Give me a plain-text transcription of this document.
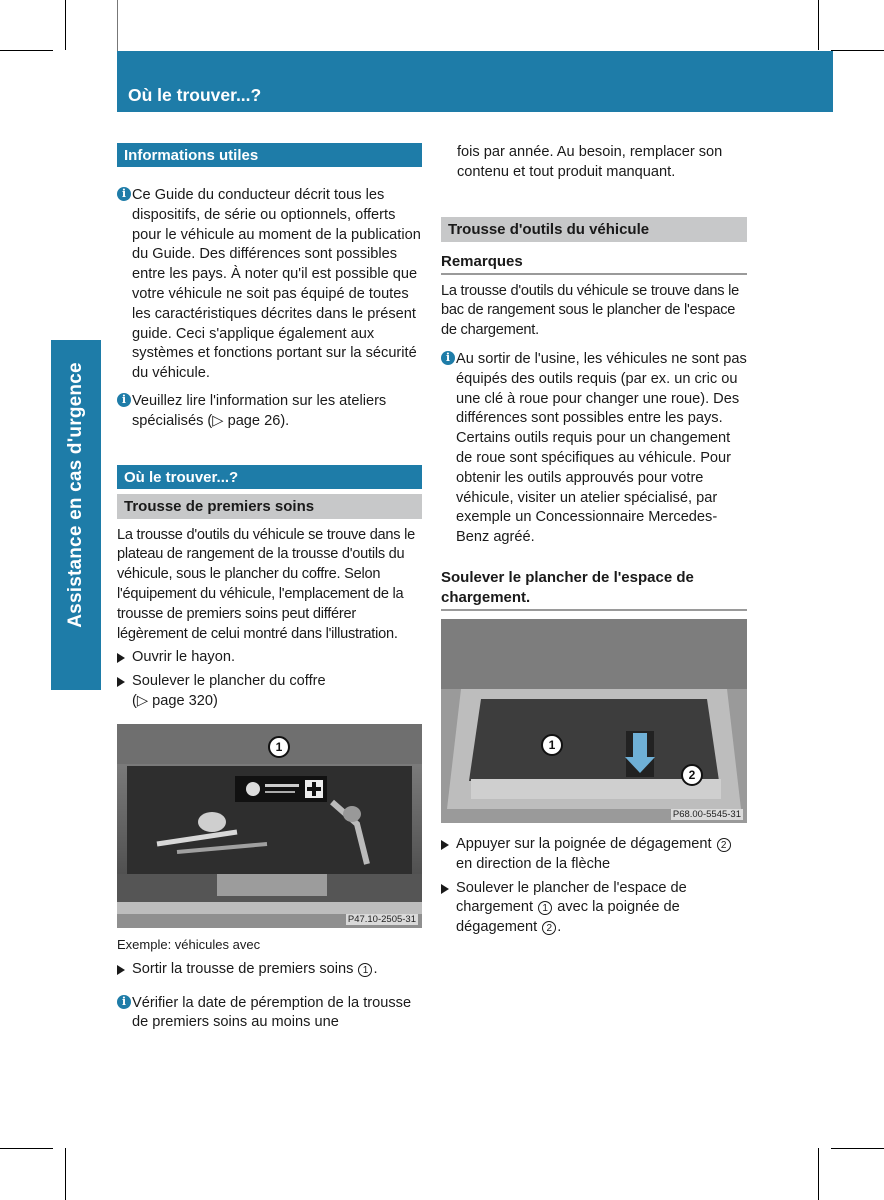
320 Où le trouver...?
Assistance en cas d'urgence
Informations utiles

i Ce Guide du conducteur décrit tous les dispositifs, de série ou optionnels, offerts pour le véhicule au moment de la publication du Guide. Des différences sont possibles entre les pays. À noter qu'il est possible que votre véhicule ne soit pas équipé de toutes les caractéristiques décrites dans le présent guide. Ceci s'applique également aux systèmes et fonctions portant sur la sécurité du véhicule.

i Veuillez lire l'information sur les ateliers spécialisés (▷ page 26).

Où le trouver...?
Trousse de premiers soins

La trousse d'outils du véhicule se trouve dans le plateau de rangement de la trousse d'outils du véhicule, sous le plancher du coffre. Selon l'équipement du véhicule, l'emplacement de la trousse de premiers soins peut différer légèrement de celui montré dans l'illustration.

Ouvrir le hayon.

Soulever le plancher du coffre
(▷ page 320)

1
P47.10-2505-31
Exemple: véhicules avec

Sortir la trousse de premiers soins 1 .

i Vérifier la date de péremption de la trousse de premiers soins au moins une

fois par année. Au besoin, remplacer son contenu et tout produit manquant.

Trousse d'outils du véhicule
Remarques

La trousse d'outils du véhicule se trouve dans le bac de rangement sous le plancher de l'espace de chargement.

i Au sortir de l'usine, les véhicules ne sont pas équipés des outils requis (par ex. un cric ou une clé à roue pour changer une roue). Des différences sont possibles entre les pays. Certains outils requis pour un changement de roue sont spécifiques au véhicule. Pour obtenir les outils approuvés pour votre véhicule, visiter un atelier spécialisé, par exemple un Concessionnaire Mercedes-Benz agréé.

Soulever le plancher de l'espace de chargement.
1
2
P68.00-5545-31

Appuyer sur la poignée de dégagement 2 en direction de la flèche

Soulever le plancher de l'espace de chargement 1 avec la poignée de dégagement 2 .
